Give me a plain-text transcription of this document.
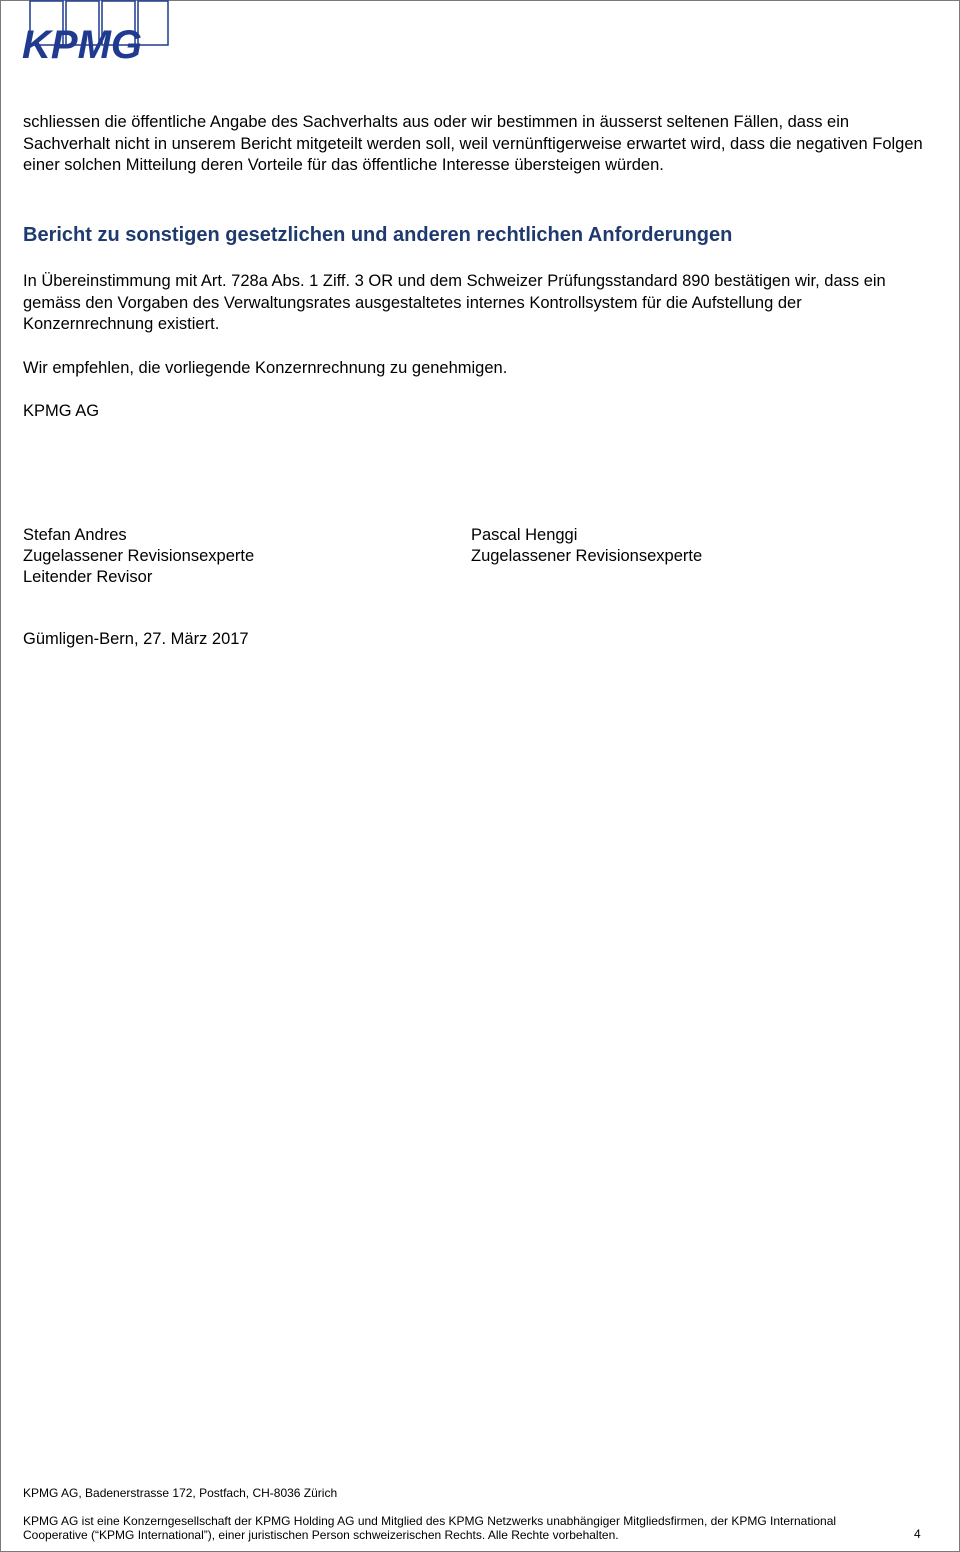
KPMG
schliessen die öffentliche Angabe des Sachverhalts aus oder wir bestimmen in äusserst seltenen Fällen, dass ein Sachverhalt nicht in unserem Bericht mitgeteilt werden soll, weil vernünftigerweise erwartet wird, dass die negativen Folgen einer solchen Mitteilung deren Vorteile für das öffentliche Interesse übersteigen würden.
Bericht zu sonstigen gesetzlichen und anderen rechtlichen Anforderungen
In Übereinstimmung mit Art. 728a Abs. 1 Ziff. 3 OR und dem Schweizer Prüfungsstandard 890 bestätigen wir, dass ein gemäss den Vorgaben des Verwaltungsrates ausgestaltetes internes Kontrollsystem für die Aufstellung der Konzernrechnung existiert.
Wir empfehlen, die vorliegende Konzernrechnung zu genehmigen.
KPMG AG
Stefan Andres
Zugelassener Revisionsexperte
Leitender Revisor
Pascal Henggi
Zugelassener Revisionsexperte
Gümligen-Bern, 27. März 2017
KPMG AG, Badenerstrasse 172, Postfach, CH-8036 Zürich
KPMG AG ist eine Konzerngesellschaft der KPMG Holding AG und Mitglied des KPMG Netzwerks unabhängiger Mitgliedsfirmen, der KPMG International Cooperative (“KPMG International”), einer juristischen Person schweizerischen Rechts. Alle Rechte vorbehalten.	4
